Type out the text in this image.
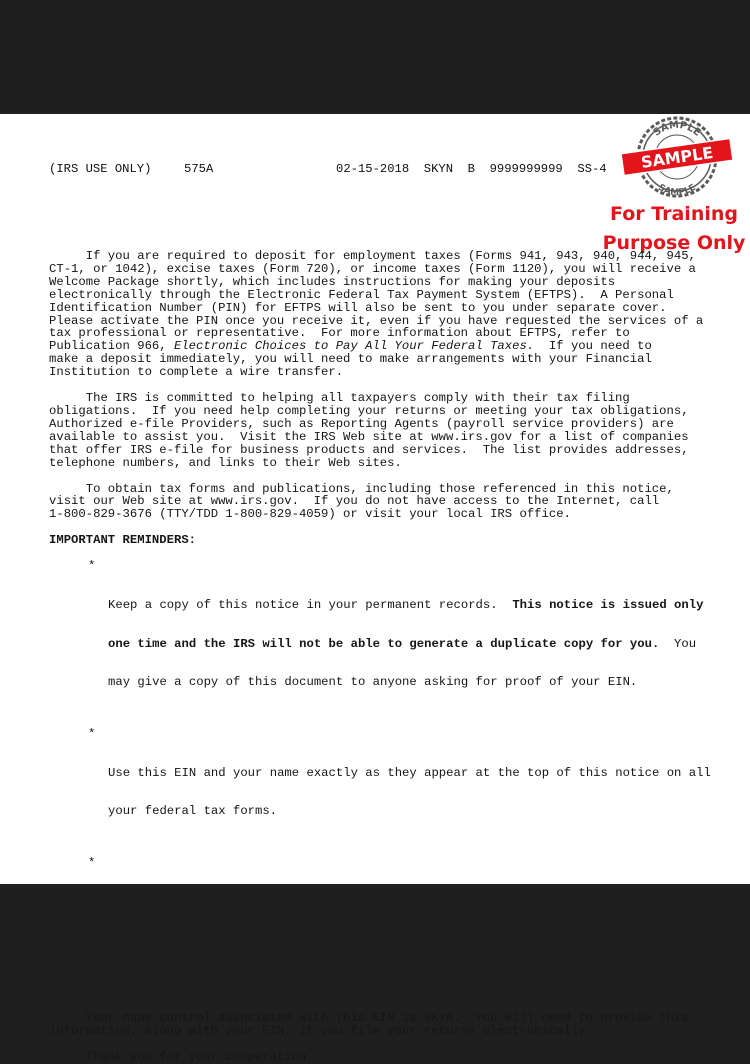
(IRS USE ONLY)

	575A

	02-15-2018  SKYN  B  9999999999  SS-4

SAMPLE
SAMPLE
SAMPLE
For Training
Purpose Only
If you are required to deposit for employment taxes (Forms 941, 943, 940, 944, 945,
CT-1, or 1042), excise taxes (Form 720), or income taxes (Form 1120), you will receive a
Welcome Package shortly, which includes instructions for making your deposits
electronically through the Electronic Federal Tax Payment System (EFTPS).  A Personal
Identification Number (PIN) for EFTPS will also be sent to you under separate cover.
Please activate the PIN once you receive it, even if you have requested the services of a
tax professional or representative.  For more information about EFTPS, refer to
Publication 966, Electronic Choices to Pay All Your Federal Taxes.  If you need to
make a deposit immediately, you will need to make arrangements with your Financial
Institution to complete a wire transfer.
The IRS is committed to helping all taxpayers comply with their tax filing
obligations.  If you need help completing your returns or meeting your tax obligations,
Authorized e-file Providers, such as Reporting Agents (payroll service providers) are
available to assist you.  Visit the IRS Web site at www.irs.gov for a list of companies
that offer IRS e-file for business products and services.  The list provides addresses,
telephone numbers, and links to their Web sites.
To obtain tax forms and publications, including those referenced in this notice,
visit our Web site at www.irs.gov.  If you do not have access to the Internet, call
1-800-829-3676 (TTY/TDD 1-800-829-4059) or visit your local IRS office.
IMPORTANT REMINDERS:

*

Keep a copy of this notice in your permanent records.  This notice is issued only

one time and the IRS will not be able to generate a duplicate copy for you.  You

may give a copy of this document to anyone asking for proof of your EIN.

*

Use this EIN and your name exactly as they appear at the top of this notice on all

your federal tax forms.

*

Your name control associated with this EIN is SKYN.  You will need to provide this
information, along with your EIN, if you file your returns electronically.
Thank you for your cooperation.
